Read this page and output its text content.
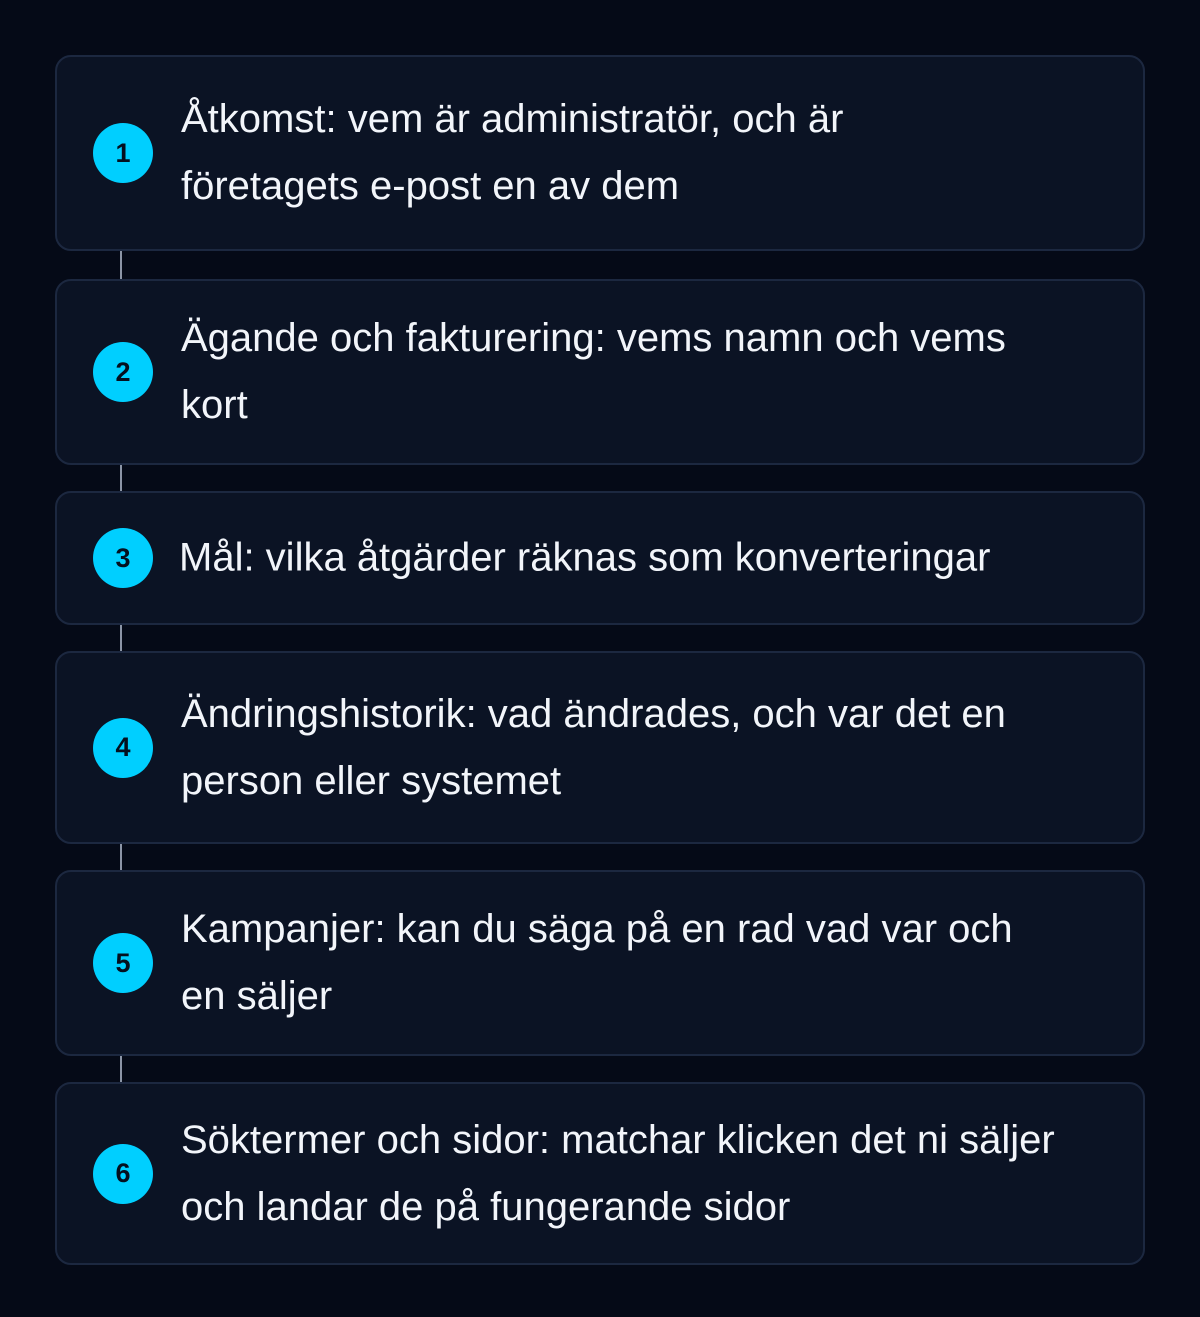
1
Åtkomst: vem är administratör, och är företagets e-post en av dem
2
Ägande och fakturering: vems namn och vems kort
3	Mål: vilka åtgärder räknas som konverteringar
4
Ändringshistorik: vad ändrades, och var det en person eller systemet
5
Kampanjer: kan du säga på en rad vad var och en säljer
6
Söktermer och sidor: matchar klicken det ni säljer och landar de på fungerande sidor
